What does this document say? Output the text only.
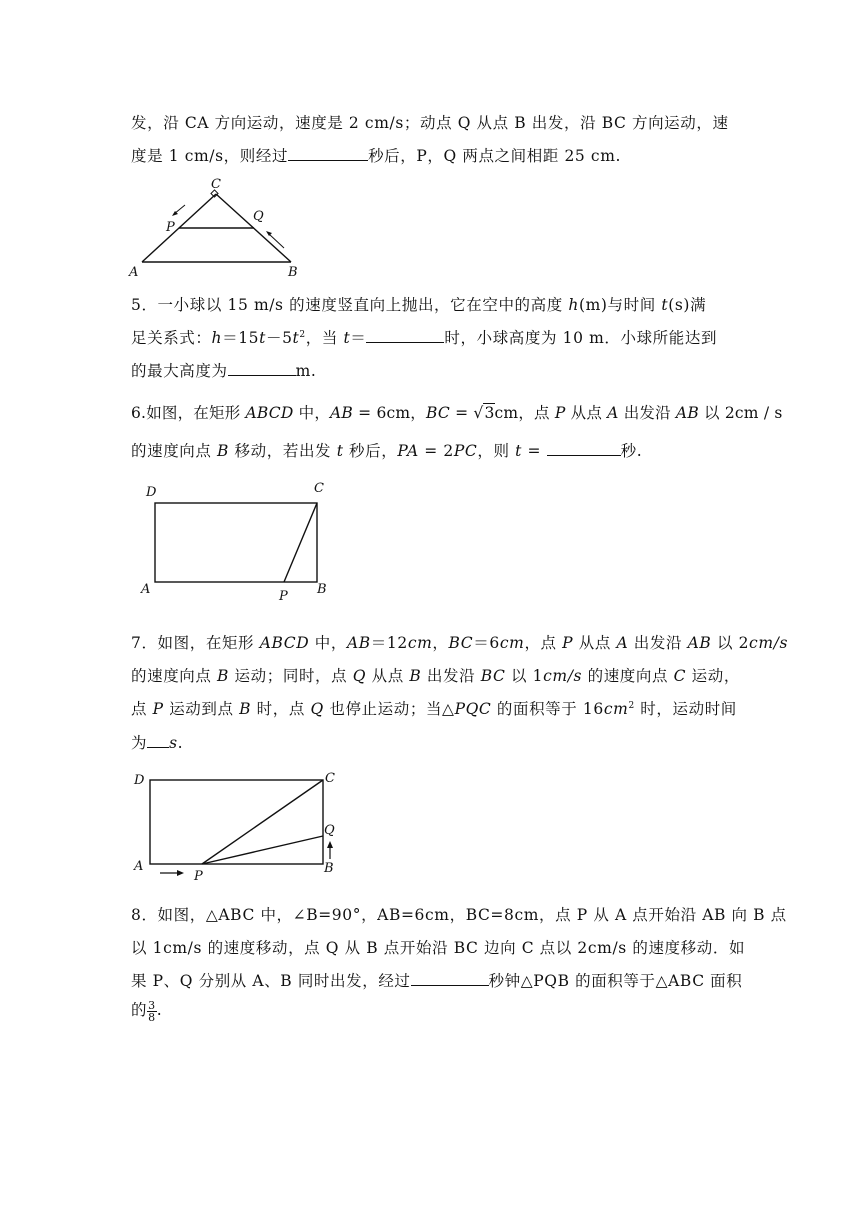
发，沿 CA 方向运动，速度是 2 cm/s；动点 Q 从点 B 出发，沿 BC 方向运动，速
度是 1 cm/s，则经过	秒后，P，Q 两点之间相距 25 cm.
C
P
Q
A	B
5．一小球以 15 m/s 的速度竖直向上抛出，它在空中的高度 h(m)与时间 t(s)满
足关系式：$h=15t-5t^2$，当 t＝	时，小球高度为 10 m．小球所能达到
的最大高度为	m.
6.如图，在矩形 ABCD 中，AB = 6cm，BC = √3cm，点 P 从点 A 出发沿 AB 以 2cm / s
的速度向点 B 移动，若出发 t 秒后，PA = 2PC，则 t =	秒.
D	C
A	P B
7．如图，在矩形 ABCD 中，AB＝12cm，BC＝6cm，点 P 从点 A 出发沿 AB 以 2cm/s
的速度向点 B 运动；同时，点 Q 从点 B 出发沿 BC 以 1cm/s 的速度向点 C 运动，
点 P 运动到点 B 时，点 Q 也停止运动；当△PQC 的面积等于 $16cm^2$ 时，运动时间
为 s.
D	C
Q
A	B
P
8．如图，△ABC 中，∠B=90°，AB=6cm，BC=8cm，点 P 从 A 点开始沿 AB 向 B 点
以 1cm/s 的速度移动，点 Q 从 B 点开始沿 BC 边向 C 点以 2cm/s 的速度移动．如
果 P、Q 分别从 A、B 同时出发，经过	秒钟△PQB 的面积等于△ABC 面积
的 $\frac{3}{8}$ .
